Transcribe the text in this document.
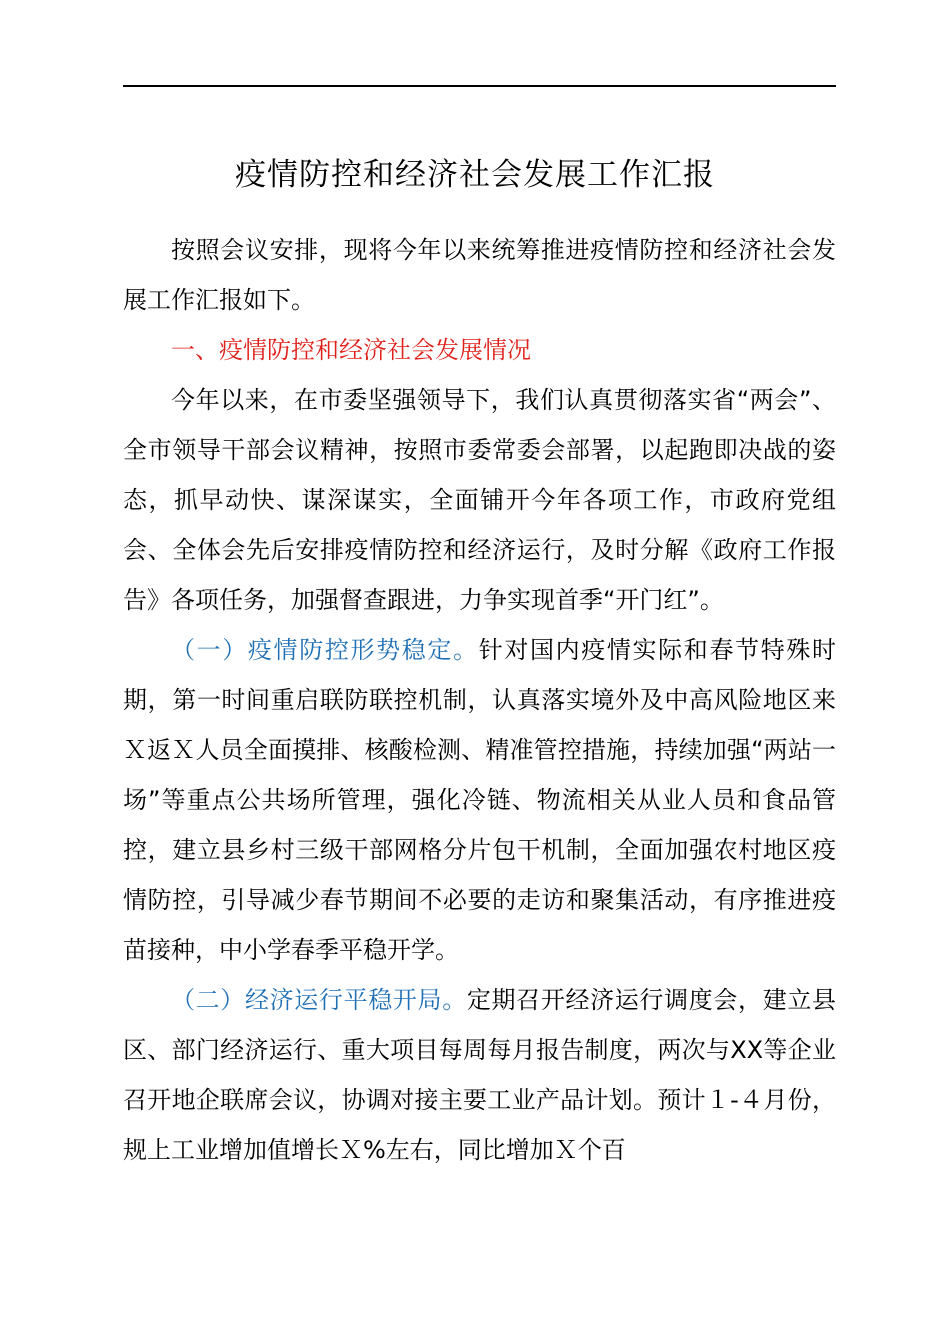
疫情防控和经济社会发展工作汇报

按照会议安排，现将今年以来统筹推进疫情防控和经济社会发展工作汇报如下。

一、疫情防控和经济社会发展情况

今年以来，在市委坚强领导下，我们认真贯彻落实省“两会”、全市领导干部会议精神，按照市委常委会部署，以起跑即决战的姿态，抓早动快、谋深谋实，全面铺开今年各项工作，市政府党组会、全体会先后安排疫情防控和经济运行，及时分解《政府工作报告》各项任务，加强督查跟进，力争实现首季“开门红”。

（一）疫情防控形势稳定。针对国内疫情实际和春节特殊时期，第一时间重启联防联控机制，认真落实境外及中高风险地区来Ｘ返Ｘ人员全面摸排、核酸检测、精准管控措施，持续加强“两站一场”等重点公共场所管理，强化冷链、物流相关从业人员和食品管控，建立县乡村三级干部网格分片包干机制，全面加强农村地区疫情防控，引导减少春节期间不必要的走访和聚集活动，有序推进疫苗接种，中小学春季平稳开学。

（二）经济运行平稳开局。定期召开经济运行调度会，建立县区、部门经济运行、重大项目每周每月报告制度，两次与XX等企业召开地企联席会议，协调对接主要工业产品计划。预计１-４月份，规上工业增加值增长Ｘ%左右，同比增加Ｘ个百
